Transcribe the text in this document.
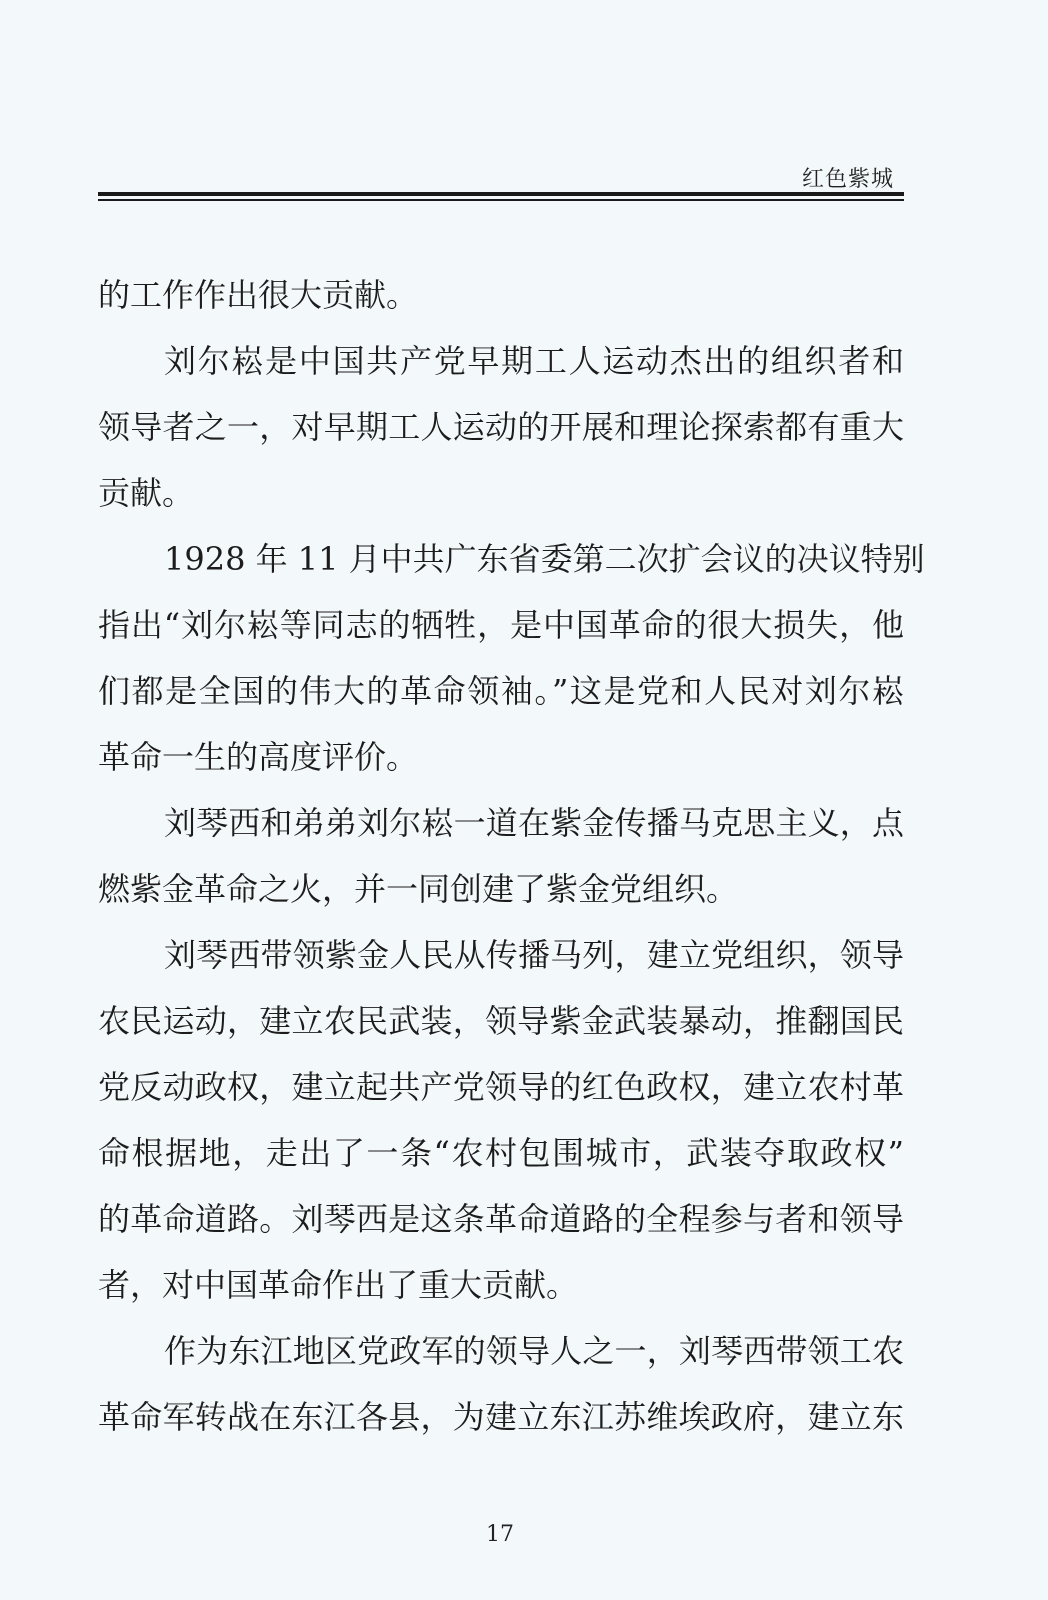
红色紫城
的工作作出很大贡献。
刘尔崧是中国共产党早期工人运动杰出的组织者和
领导者之一，对早期工人运动的开展和理论探索都有重大
贡献。
1928 年 11 月中共广东省委第二次扩会议的决议特别
指出“刘尔崧等同志的牺牲，是中国革命的很大损失，他
们都是全国的伟大的革命领袖。”这是党和人民对刘尔崧
革命一生的高度评价。
刘琴西和弟弟刘尔崧一道在紫金传播马克思主义，点
燃紫金革命之火，并一同创建了紫金党组织。
刘琴西带领紫金人民从传播马列，建立党组织，领导
农民运动，建立农民武装，领导紫金武装暴动，推翻国民
党反动政权，建立起共产党领导的红色政权，建立农村革
命根据地，走出了一条“农村包围城市，武装夺取政权”
的革命道路。刘琴西是这条革命道路的全程参与者和领导
者，对中国革命作出了重大贡献。
作为东江地区党政军的领导人之一，刘琴西带领工农
革命军转战在东江各县，为建立东江苏维埃政府，建立东
17
